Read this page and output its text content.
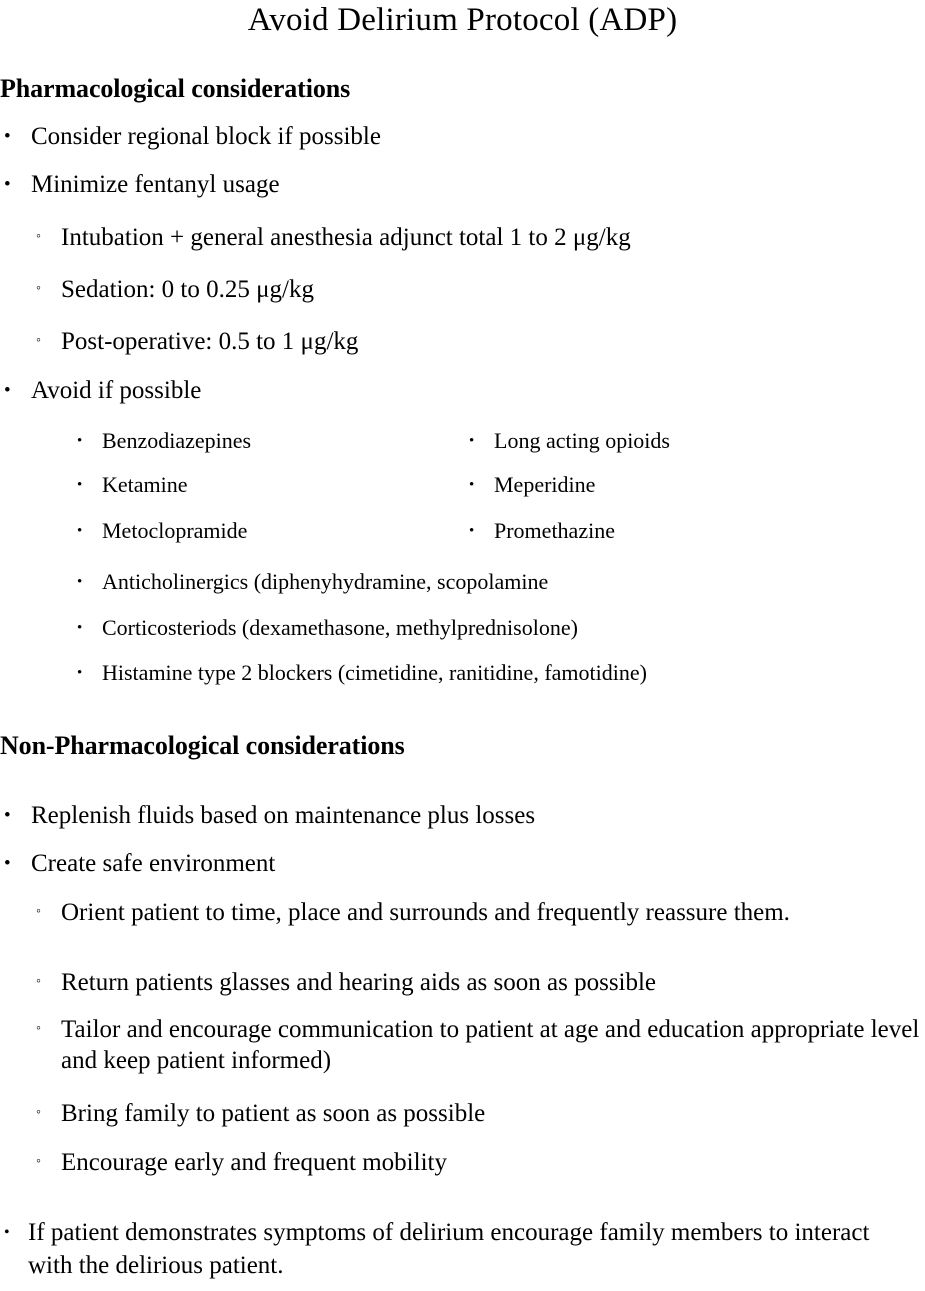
Avoid Delirium Protocol (ADP)
Pharmacological considerations
• Consider regional block if possible
• Minimize fentanyl usage
◦ Intubation + general anesthesia adjunct total 1 to 2 μg/kg
◦ Sedation: 0 to 0.25 μg/kg
◦ Post-operative: 0.5 to 1 μg/kg
• Avoid if possible
• Benzodiazepines
• Ketamine
• Metoclopramide
• Long acting opioids
• Meperidine
• Promethazine
• Anticholinergics (diphenyhydramine, scopolamine
• Corticosteriods (dexamethasone, methylprednisolone)
• Histamine type 2 blockers (cimetidine, ranitidine, famotidine)
Non-Pharmacological considerations
• Replenish fluids based on maintenance plus losses
• Create safe environment
◦ Orient patient to time, place and surrounds and frequently reassure them.
◦ Return patients glasses and hearing aids as soon as possible
◦ Tailor and encourage communication to patient at age and education appropriate level and keep patient informed)
◦ Bring family to patient as soon as possible
◦ Encourage early and frequent mobility
• If patient demonstrates symptoms of delirium encourage family members to interact with the delirious patient.
